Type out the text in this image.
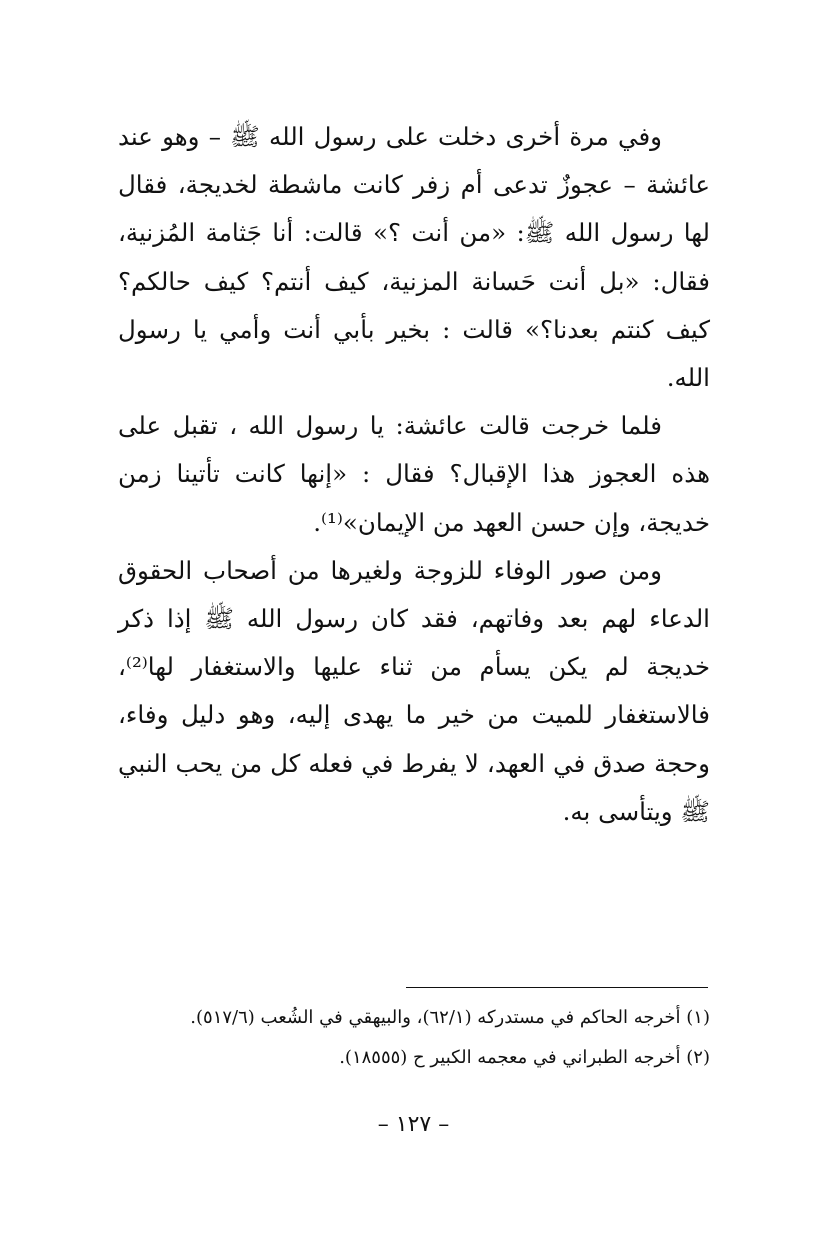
وفي مرة أخرى دخلت على رسول الله ﷺ – وهو عند عائشة – عجوزٌ تدعى أم زفر كانت ماشطة لخديجة، فقال لها رسول الله ﷺ: «من أنت ؟» قالت: أنا جَثامة المُزنية، فقال: «بل أنت حَسانة المزنية، كيف أنتم؟ كيف حالكم؟ كيف كنتم بعدنا؟» قالت : بخير بأبي أنت وأمي يا رسول الله.

فلما خرجت قالت عائشة: يا رسول الله ، تقبل على هذه العجوز هذا الإقبال؟ فقال : «إنها كانت تأتينا زمن خديجة، وإن حسن العهد من الإيمان»⁽¹⁾.

ومن صور الوفاء للزوجة ولغيرها من أصحاب الحقوق الدعاء لهم بعد وفاتهم، فقد كان رسول الله ﷺ إذا ذكر خديجة لم يكن يسأم من ثناء عليها والاستغفار لها⁽²⁾، فالاستغفار للميت من خير ما يهدى إليه، وهو دليل وفاء، وحجة صدق في العهد، لا يفرط في فعله كل من يحب النبي ﷺ ويتأسى به.

(١) أخرجه الحاكم في مستدركه (٦٢/١)، والبيهقي في الشُعب (٥١٧/٦).
(٢) أخرجه الطبراني في معجمه الكبير ح (١٨٥٥٥).
– ١٢٧ –
